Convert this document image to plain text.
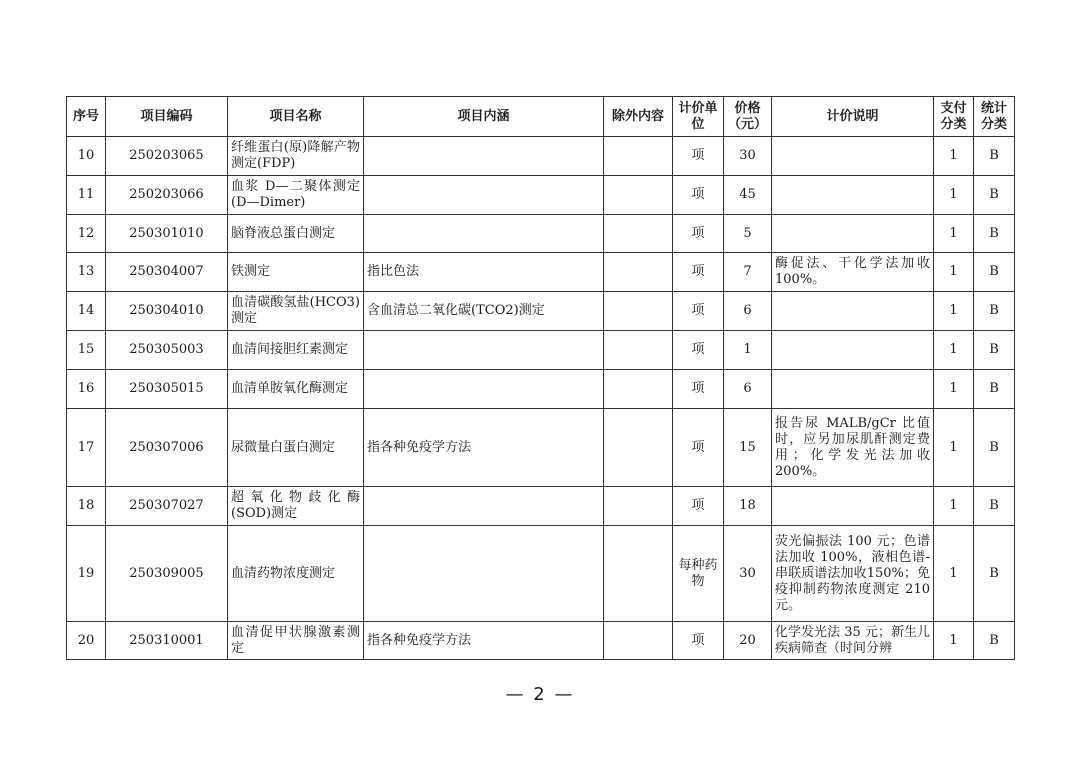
序号	项目编码	项目名称	项目内涵	除外内容	计价单位	价格（元）	计价说明	支付分类	统计分类
10	250203065	纤维蛋白(原)降解产物测定(FDP)			项	30		1	B
11	250203066	血浆 D—二聚体测定(D—Dimer)			项	45		1	B
12	250301010	脑脊液总蛋白测定			项	5		1	B
13	250304007	铁测定	指比色法		项	7	酶促法、干化学法加收100%。	1	B
14	250304010	血清碳酸氢盐(HCO3)测定	含血清总二氧化碳(TCO2)测定		项	6		1	B
15	250305003	血清间接胆红素测定			项	1		1	B
16	250305015	血清单胺氧化酶测定			项	6		1	B
17	250307006	尿微量白蛋白测定	指各种免疫学方法		项	15	报告尿 MALB/gCr 比值时，应另加尿肌酐测定费用；化学发光法加收200%。	1	B
18	250307027	超氧化物歧化酶(SOD)测定			项	18		1	B
19	250309005	血清药物浓度测定			每种药物	30	荧光偏振法 100 元；色谱法加收 100%，液相色谱-串联质谱法加收150%；免疫抑制药物浓度测定 210 元。	1	B
20	250310001	血清促甲状腺激素测定	指各种免疫学方法		项	20	化学发光法 35 元；新生儿疾病筛查（时间分辨	1	B
— 2 —
